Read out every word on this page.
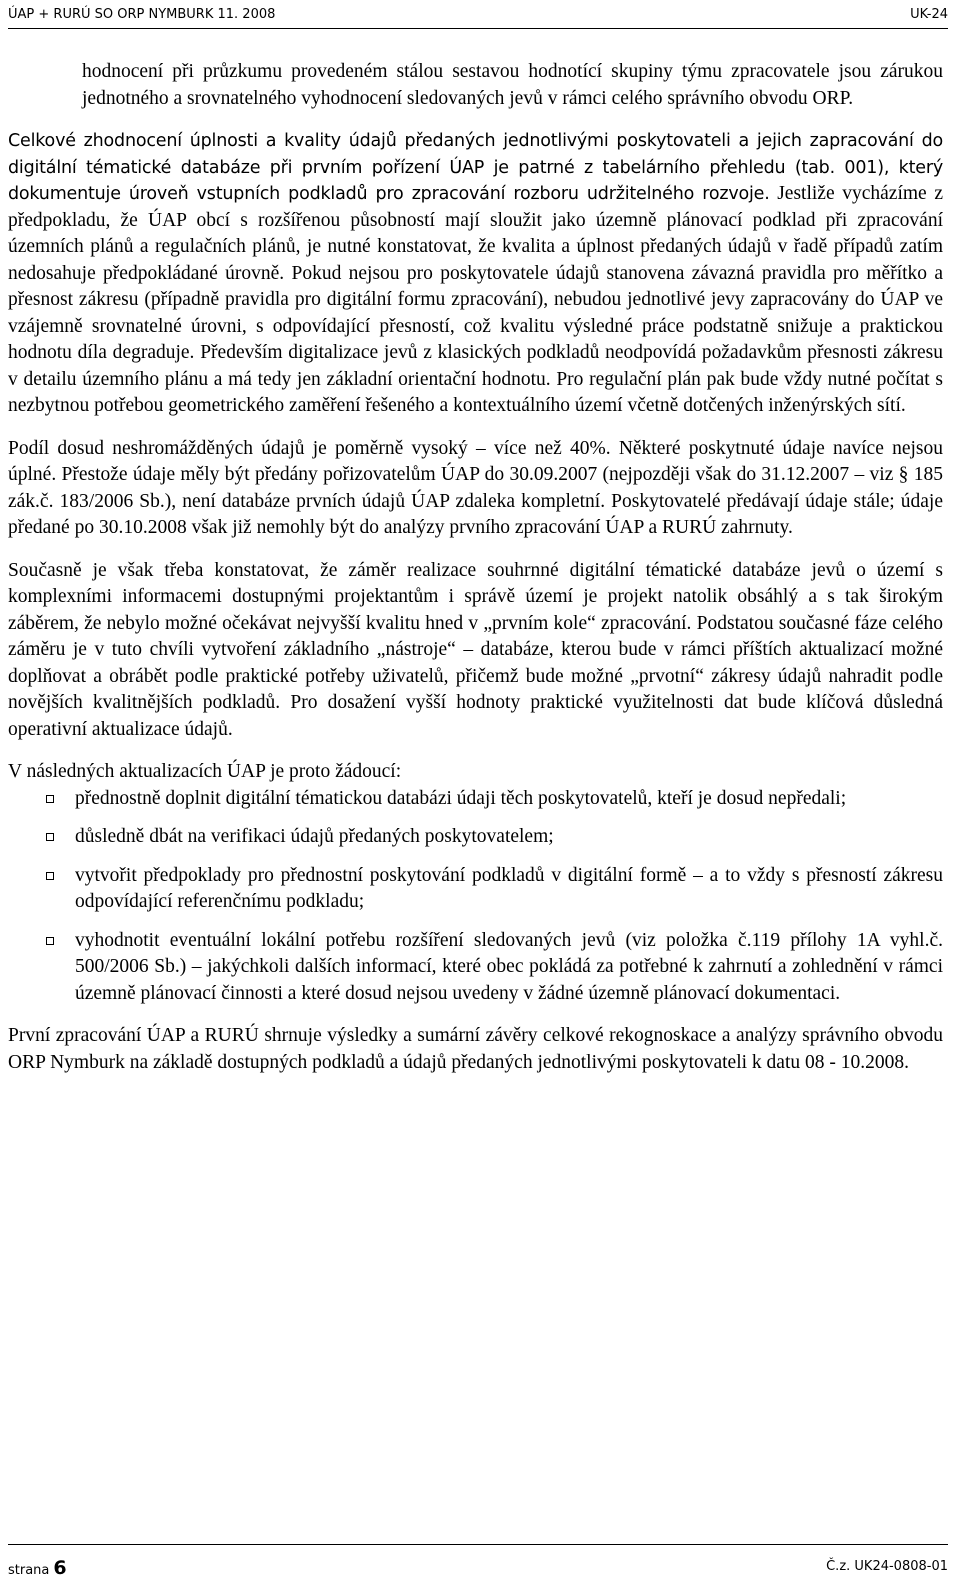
ÚAP + RURÚ SO ORP NYMBURK 11. 2008	UK-24

hodnocení při průzkumu provedeném stálou sestavou hodnotící skupiny týmu zpracovatele jsou zárukou jednotného a srovnatelného vyhodnocení sledovaných jevů v rámci celého správního obvodu ORP.

Celkové zhodnocení úplnosti a kvality údajů předaných jednotlivými poskytovateli a jejich zapracování do digitální tématické databáze při prvním pořízení ÚAP je patrné z tabelárního přehledu (tab. 001), který dokumentuje úroveň vstupních podkladů pro zpracování rozboru udržitelného rozvoje. Jestliže vycházíme z předpokladu, že ÚAP obcí s rozšířenou působností mají sloužit jako územně plánovací podklad při zpracování územních plánů a regulačních plánů, je nutné konstatovat, že kvalita a úplnost předaných údajů v řadě případů zatím nedosahuje předpokládané úrovně. Pokud nejsou pro poskytovatele údajů stanovena závazná pravidla pro měřítko a přesnost zákresu (případně pravidla pro digitální formu zpracování), nebudou jednotlivé jevy zapracovány do ÚAP ve vzájemně srovnatelné úrovni, s odpovídající přesností, což kvalitu výsledné práce podstatně snižuje a praktickou hodnotu díla degraduje. Především digitalizace jevů z klasických podkladů neodpovídá požadavkům přesnosti zákresu v detailu územního plánu a má tedy jen základní orientační hodnotu. Pro regulační plán pak bude vždy nutné počítat s nezbytnou potřebou geometrického zaměření řešeného a kontextuálního území včetně dotčených inženýrských sítí.

Podíl dosud neshromážděných údajů je poměrně vysoký – více než 40%. Některé poskytnuté údaje navíce nejsou úplné. Přestože údaje měly být předány pořizovatelům ÚAP do 30.09.2007 (nejpozději však do 31.12.2007 – viz § 185 zák.č. 183/2006 Sb.), není databáze prvních údajů ÚAP zdaleka kompletní. Poskytovatelé předávají údaje stále; údaje předané po 30.10.2008 však již nemohly být do analýzy prvního zpracování ÚAP a RURÚ zahrnuty.

Současně je však třeba konstatovat, že záměr realizace souhrnné digitální tématické databáze jevů o území s komplexními informacemi dostupnými projektantům i správě území je projekt natolik obsáhlý a s tak širokým záběrem, že nebylo možné očekávat nejvyšší kvalitu hned v „prvním kole“ zpracování. Podstatou současné fáze celého záměru je v tuto chvíli vytvoření základního „nástroje“ – databáze, kterou bude v rámci příštích aktualizací možné doplňovat a obrábět podle praktické potřeby uživatelů, přičemž bude možné „prvotní“ zákresy údajů nahradit podle novějších kvalitnějších podkladů. Pro dosažení vyšší hodnoty praktické využitelnosti dat bude klíčová důsledná operativní aktualizace údajů.

V následných aktualizacích ÚAP je proto žádoucí:

přednostně doplnit digitální tématickou databázi údaji těch poskytovatelů, kteří je dosud nepředali;
důsledně dbát na verifikaci údajů předaných poskytovatelem;
vytvořit předpoklady pro přednostní poskytování podkladů v digitální formě – a to vždy s přesností zákresu odpovídající referenčnímu podkladu;
vyhodnotit eventuální lokální potřebu rozšíření sledovaných jevů (viz položka č.119 přílohy 1A vyhl.č. 500/2006 Sb.) – jakýchkoli dalších informací, které obec pokládá za potřebné k zahrnutí a zohlednění v rámci územně plánovací činnosti a které dosud nejsou uvedeny v žádné územně plánovací dokumentaci.

První zpracování ÚAP a RURÚ shrnuje výsledky a sumární závěry celkové rekognoskace a analýzy správního obvodu ORP Nymburk na základě dostupných podkladů a údajů předaných jednotlivými poskytovateli k datu 08 - 10.2008.

strana 6	Č.z. UK24-0808-01
